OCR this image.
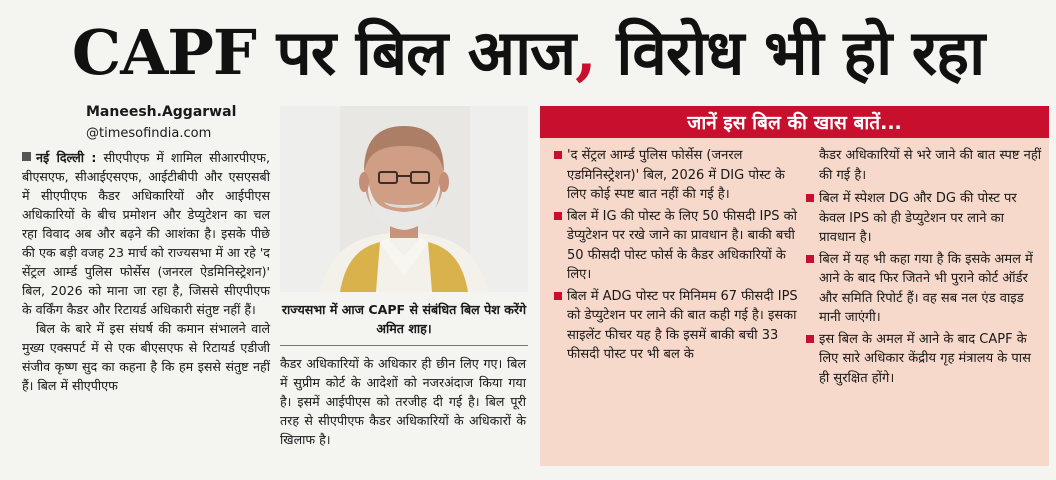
CAPF पर बिल आज , विरोध भी हो रहा
Maneesh.Aggarwal
@timesofindia.com

नई दिल्ली : सीएपीएफ में शामिल सीआरपीएफ, बीएसएफ, सीआईएसएफ, आईटीबीपी और एसएसबी में सीएपीएफ कैडर अधिकारियों और आईपीएस अधिकारियों के बीच प्रमोशन और डेप्युटेशन का चल रहा विवाद अब और बढ़ने की आशंका है। इसके पीछे की एक बड़ी वजह 23 मार्च को राज्यसभा में आ रहे 'द सेंट्रल आर्म्ड पुलिस फोर्सेस (जनरल ऐडमिनिस्ट्रेशन)' बिल, 2026 को माना जा रहा है, जिससे सीएपीएफ के वर्किंग कैडर और रिटायर्ड अधिकारी संतुष्ट नहीं हैं।

बिल के बारे में इस संघर्ष की कमान संभालने वाले मुख्य एक्सपर्ट में से एक बीएसएफ से रिटायर्ड एडीजी संजीव कृष्ण सुद का कहना है कि हम इससे संतुष्ट नहीं हैं। बिल में सीएपीएफ

राज्यसभा में आज CAPF से संबंधित बिल पेश करेंगे अमित शाह।

कैडर अधिकारियों के अधिकार ही छीन लिए गए। बिल में सुप्रीम कोर्ट के आदेशों को नजरअंदाज किया गया है। इसमें आईपीएस को तरजीह दी गई है। बिल पूरी तरह से सीएपीएफ कैडर अधिकारियों के अधिकारों के खिलाफ है।

जानें इस बिल की खास बातें...
'द सेंट्रल आर्म्ड पुलिस फोर्सेस (जनरल एडमिनिस्ट्रेशन)' बिल, 2026 में DIG पोस्ट के लिए कोई स्पष्ट बात नहीं की गई है।
बिल में IG की पोस्ट के लिए 50 फीसदी IPS को डेप्युटेशन पर रखे जाने का प्रावधान है। बाकी बची 50 फीसदी पोस्ट फोर्स के कैडर अधिकारियों के लिए।
बिल में ADG पोस्ट पर मिनिमम 67 फीसदी IPS को डेप्युटेशन पर लाने की बात कही गई है। इसका साइलेंट फीचर यह है कि इसमें बाकी बची 33 फीसदी पोस्ट पर भी बल के
कैडर अधिकारियों से भरे जाने की बात स्पष्ट नहीं की गई है।
बिल में स्पेशल DG और DG की पोस्ट पर केवल IPS को ही डेप्युटेशन पर लाने का प्रावधान है।
बिल में यह भी कहा गया है कि इसके अमल में आने के बाद फिर जितने भी पुराने कोर्ट ऑर्डर और समिति रिपोर्ट हैं। वह सब नल एंड वाइड मानी जाएंगी।
इस बिल के अमल में आने के बाद CAPF के लिए सारे अधिकार केंद्रीय गृह मंत्रालय के पास ही सुरक्षित होंगे।
